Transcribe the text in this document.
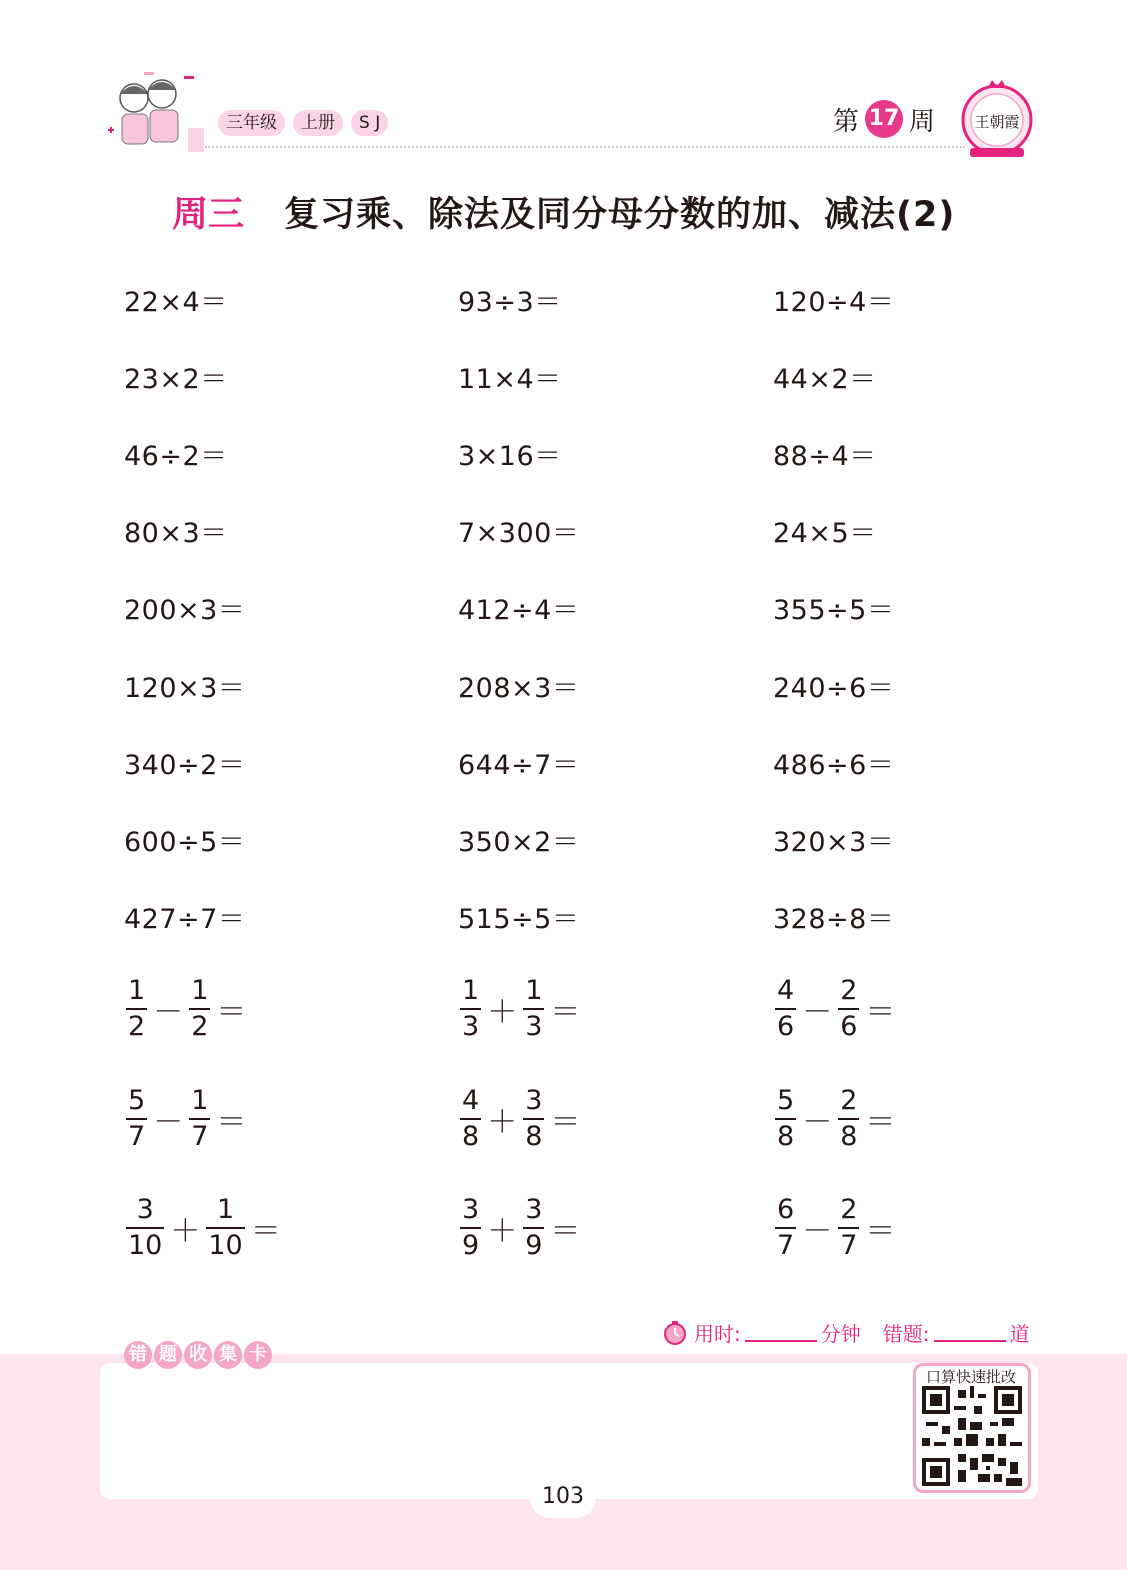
三年级	上册	S J	第 17 周	王朝霞
周三 复习乘、除法及同分母分数的加、减法(2)
22×4＝	93÷3＝	120÷4＝
23×2＝	11×4＝	44×2＝
46÷2＝	3×16＝	88÷4＝
80×3＝	7×300＝	24×5＝
200×3＝	412÷4＝	355÷5＝
120×3＝	208×3＝	240÷6＝
340÷2＝	644÷7＝	486÷6＝
600÷5＝	350×2＝	320×3＝
427÷7＝	515÷5＝	328÷8＝
$\frac{1}{2} - \frac{1}{2}$ ＝	$\frac{1}{3} + \frac{1}{3}$ ＝	$\frac{4}{6} - \frac{2}{6}$ ＝
$\frac{5}{7} - \frac{1}{7}$ ＝	$\frac{4}{8} + \frac{3}{8}$ ＝	$\frac{5}{8} - \frac{2}{8}$ ＝
$\frac{3}{10} + \frac{1}{10}$ ＝	$\frac{3}{9} + \frac{3}{9}$ ＝	$\frac{6}{7} - \frac{2}{7}$ ＝
用时:	分钟 错题:	道
错 题 收 集 卡
口算快速批改
103
